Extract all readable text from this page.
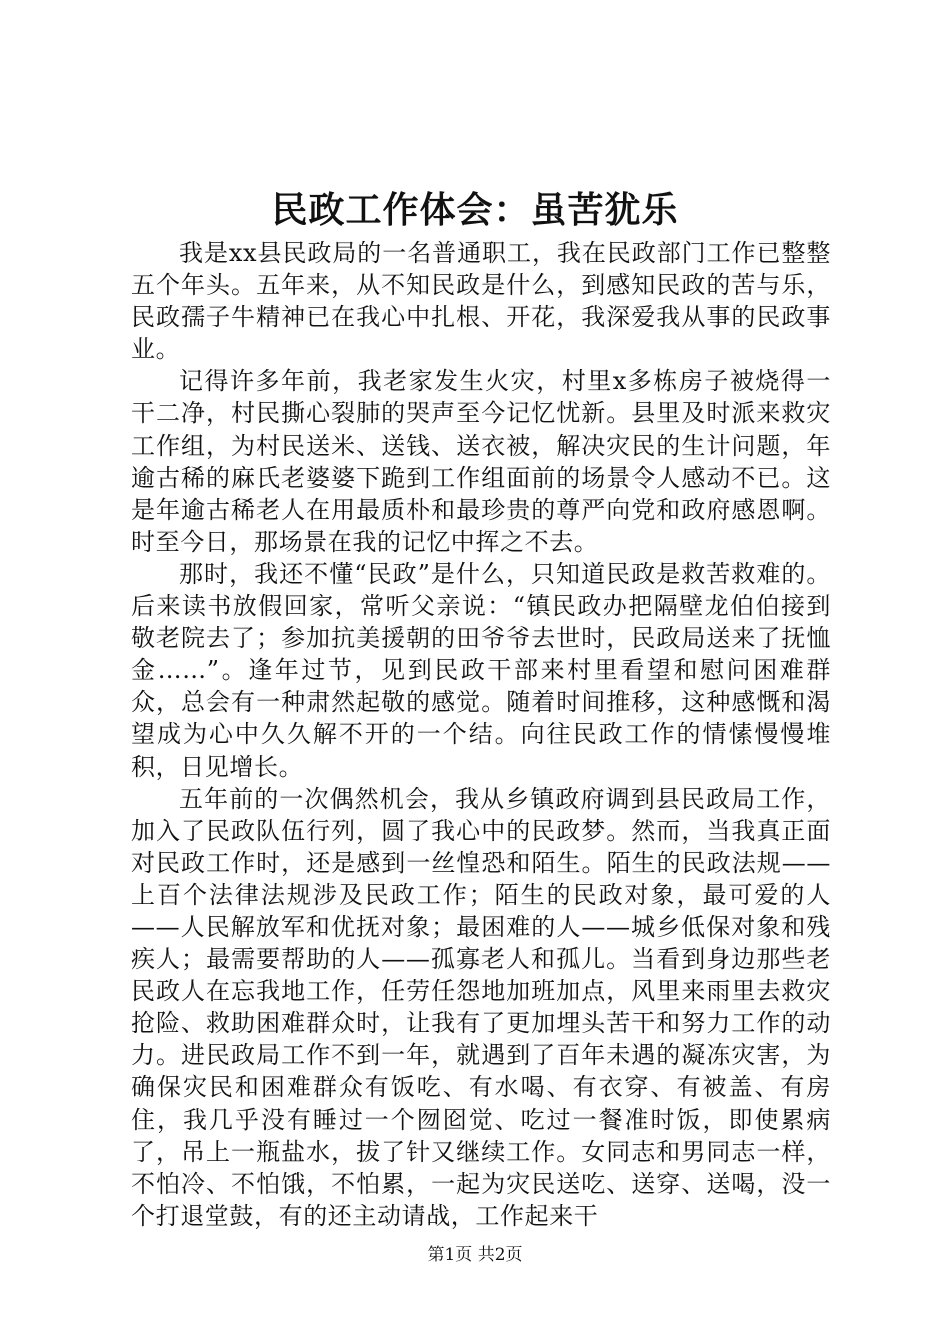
民政工作体会：虽苦犹乐

我是xx县民政局的一名普通职工，我在民政部门工作已整整五个年头。五年来，从不知民政是什么，到感知民政的苦与乐，民政孺子牛精神已在我心中扎根、开花，我深爱我从事的民政事业。

记得许多年前，我老家发生火灾，村里x多栋房子被烧得一干二净，村民撕心裂肺的哭声至今记忆忧新。县里及时派来救灾工作组，为村民送米、送钱、送衣被，解决灾民的生计问题，年逾古稀的麻氏老婆婆下跪到工作组面前的场景令人感动不已。这是年逾古稀老人在用最质朴和最珍贵的尊严向党和政府感恩啊。时至今日，那场景在我的记忆中挥之不去。

那时，我还不懂“民政”是什么，只知道民政是救苦救难的。后来读书放假回家，常听父亲说：“镇民政办把隔壁龙伯伯接到敬老院去了；参加抗美援朝的田爷爷去世时，民政局送来了抚恤金……”。逢年过节，见到民政干部来村里看望和慰问困难群众，总会有一种肃然起敬的感觉。随着时间推移，这种感慨和渴望成为心中久久解不开的一个结。向往民政工作的情愫慢慢堆积，日见增长。

五年前的一次偶然机会，我从乡镇政府调到县民政局工作，加入了民政队伍行列，圆了我心中的民政梦。然而，当我真正面对民政工作时，还是感到一丝惶恐和陌生。陌生的民政法规——上百个法律法规涉及民政工作；陌生的民政对象，最可爱的人——人民解放军和优抚对象；最困难的人——城乡低保对象和残疾人；最需要帮助的人——孤寡老人和孤儿。当看到身边那些老民政人在忘我地工作，任劳任怨地加班加点，风里来雨里去救灾抢险、救助困难群众时，让我有了更加埋头苦干和努力工作的动力。进民政局工作不到一年，就遇到了百年未遇的凝冻灾害，为确保灾民和困难群众有饭吃、有水喝、有衣穿、有被盖、有房住，我几乎没有睡过一个囫囵觉、吃过一餐准时饭，即使累病了，吊上一瓶盐水，拔了针又继续工作。女同志和男同志一样，不怕冷、不怕饿，不怕累，一起为灾民送吃、送穿、送喝，没一个打退堂鼓，有的还主动请战，工作起来干

第1页 共2页
